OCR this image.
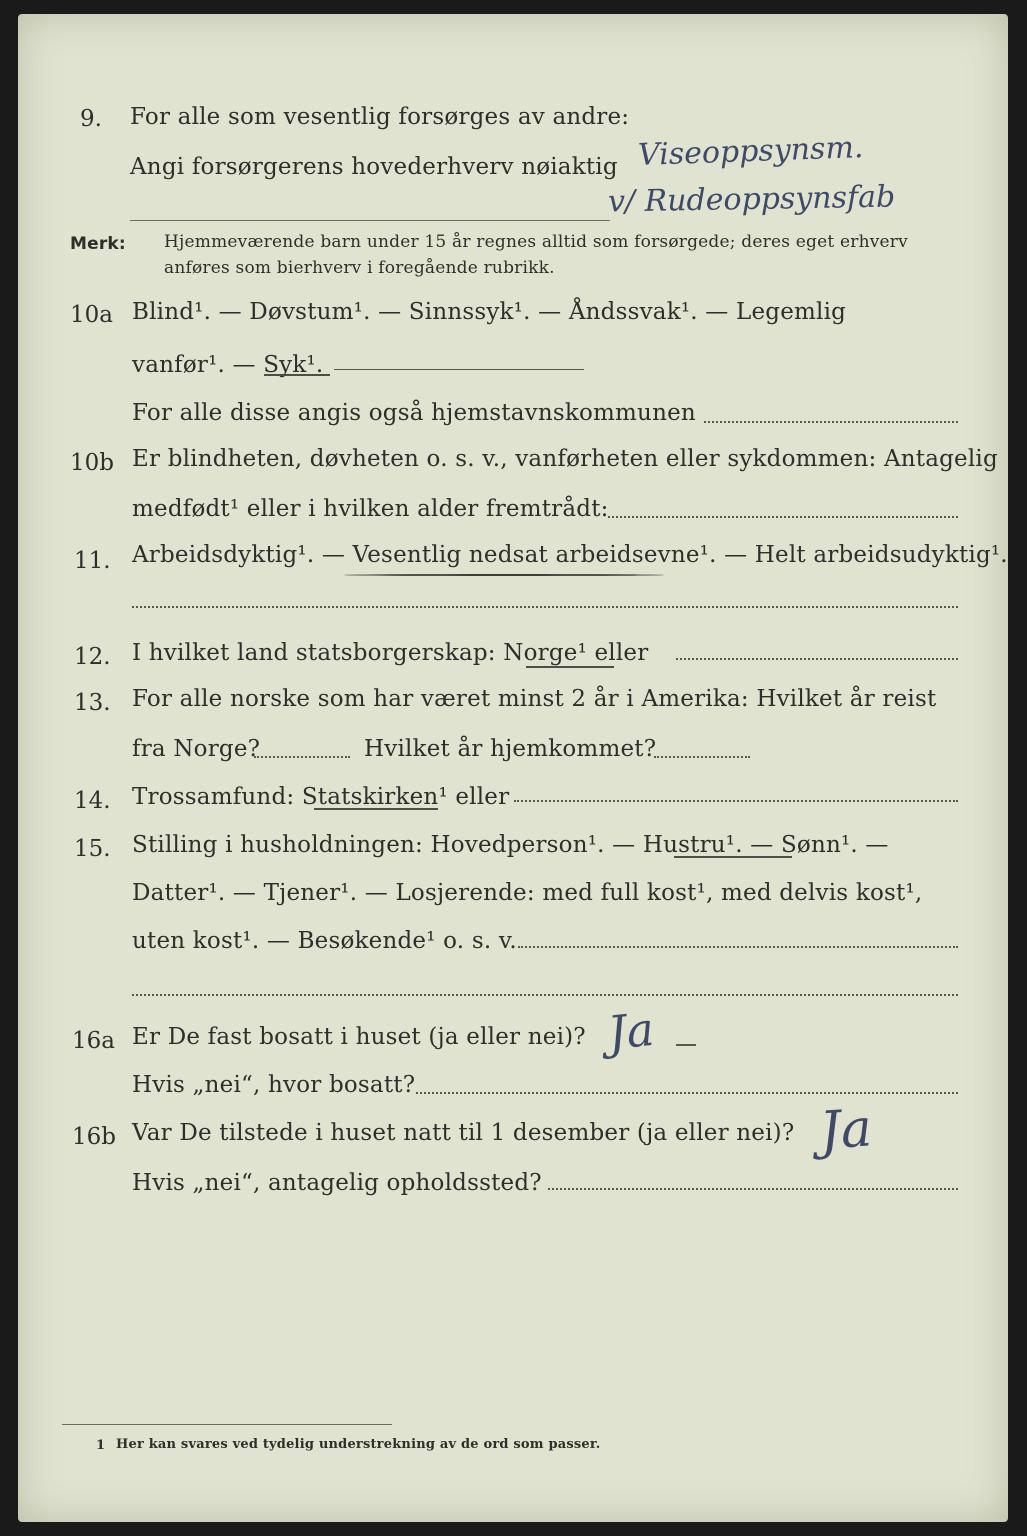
9. For alle som vesentlig forsørges av andre:
Angi forsørgerens hovederhverv nøiaktig Viseoppsynsm.
v/ Rudeoppsynsfab
Merk: Hjemmeværende barn under 15 år regnes alltid som forsørgede; deres eget erhverv
anføres som bierhverv i foregående rubrikk.
10a Blind¹. — Døvstum¹. — Sinnssyk¹. — Åndssvak¹. — Legemlig
vanfør¹. — Syk¹.
For alle disse angis også hjemstavnskommunen
10b Er blindheten, døvheten o. s. v., vanførheten eller sykdommen: Antagelig
medfødt¹ eller i hvilken alder fremtrådt:
11. Arbeidsdyktig¹. — Vesentlig nedsat arbeidsevne¹. — Helt arbeidsudyktig¹.
12. I hvilket land statsborgerskap: Norge¹ eller
13. For alle norske som har været minst 2 år i Amerika: Hvilket år reist
fra Norge?	Hvilket år hjemkommet?
14. Trossamfund: Statskirken¹ eller
15. Stilling i husholdningen: Hovedperson¹. — Hustru¹. — Sønn¹. —
Datter¹. — Tjener¹. — Losjerende: med full kost¹, med delvis kost¹,
uten kost¹. — Besøkende¹ o. s. v.
16a Er De fast bosatt i huset (ja eller nei)? Ja
Hvis „nei“, hvor bosatt?
16b Var De tilstede i huset natt til 1 desember (ja eller nei)? Ja
Hvis „nei“, antagelig opholdssted?
1 Her kan svares ved tydelig understrekning av de ord som passer.
